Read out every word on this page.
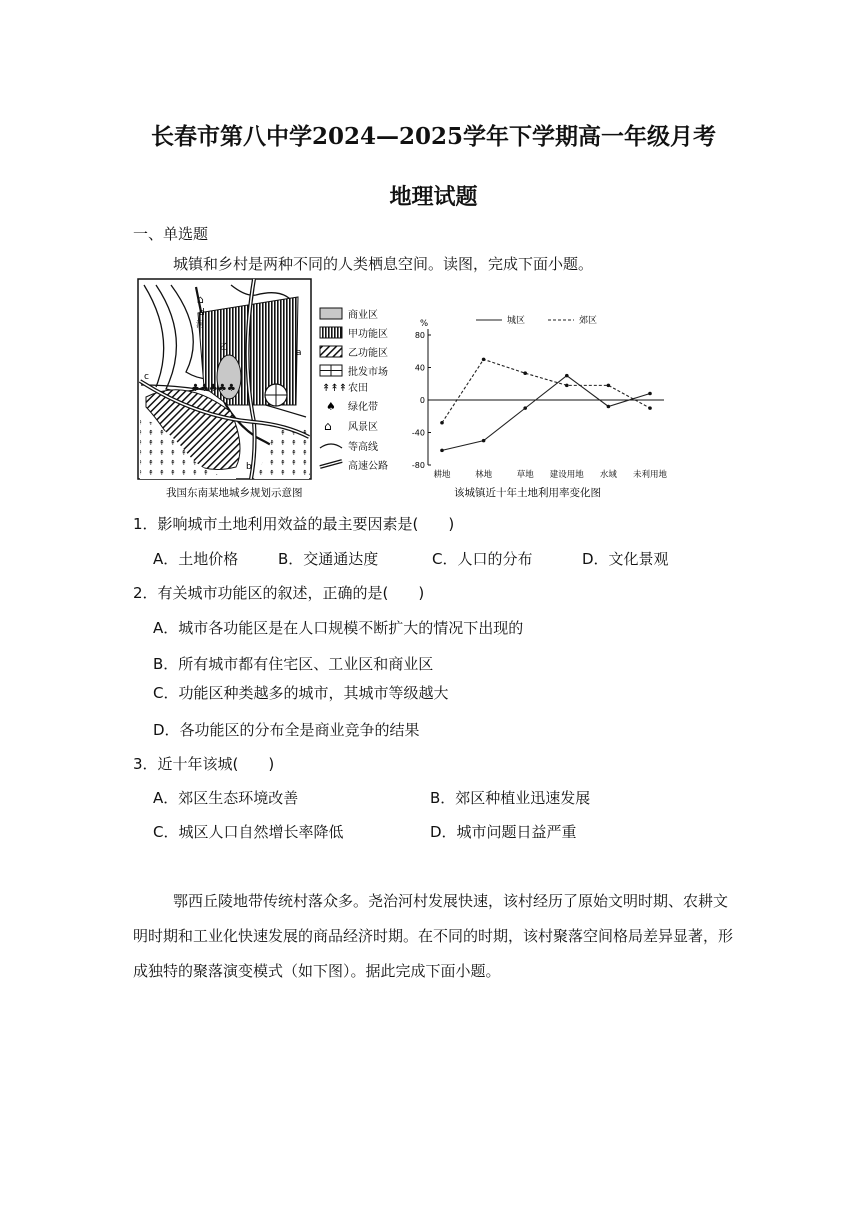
长春市第八中学2024—2025学年下学期高一年级月考
地理试题
一、单选题
城镇和乡村是两种不同的人类栖息空间。读图，完成下面小题。
♣♣♣♣♣
⌂
d
河
乙
a
b
c
商业区
甲功能区
乙功能区
批发市场
↟↟↟ 农田
♠ 绿化带
⌂ 风景区
等高线
高速公路
我国东南某地城乡规划示意图
%	城区	郊区
80
40
0
-40
-80
耕地	林地	草地 建设用地 水域 未利用地
该城镇近十年土地利用率变化图
1．影响城市土地利用效益的最主要因素是(　　)
A．土地价格	B．交通通达度	C．人口的分布	D．文化景观
2．有关城市功能区的叙述，正确的是(　　)
A．城市各功能区是在人口规模不断扩大的情况下出现的
B．所有城市都有住宅区、工业区和商业区
C．功能区种类越多的城市，其城市等级越大
D．各功能区的分布全是商业竞争的结果
3．近十年该城(　　)
A．郊区生态环境改善	B．郊区种植业迅速发展
C．城区人口自然增长率降低	D．城市问题日益严重

鄂西丘陵地带传统村落众多。尧治河村发展快速，该村经历了原始文明时期、农耕文明时期和工业化快速发展的商品经济时期。在不同的时期，该村聚落空间格局差异显著，形成独特的聚落演变模式（如下图）。据此完成下面小题。
